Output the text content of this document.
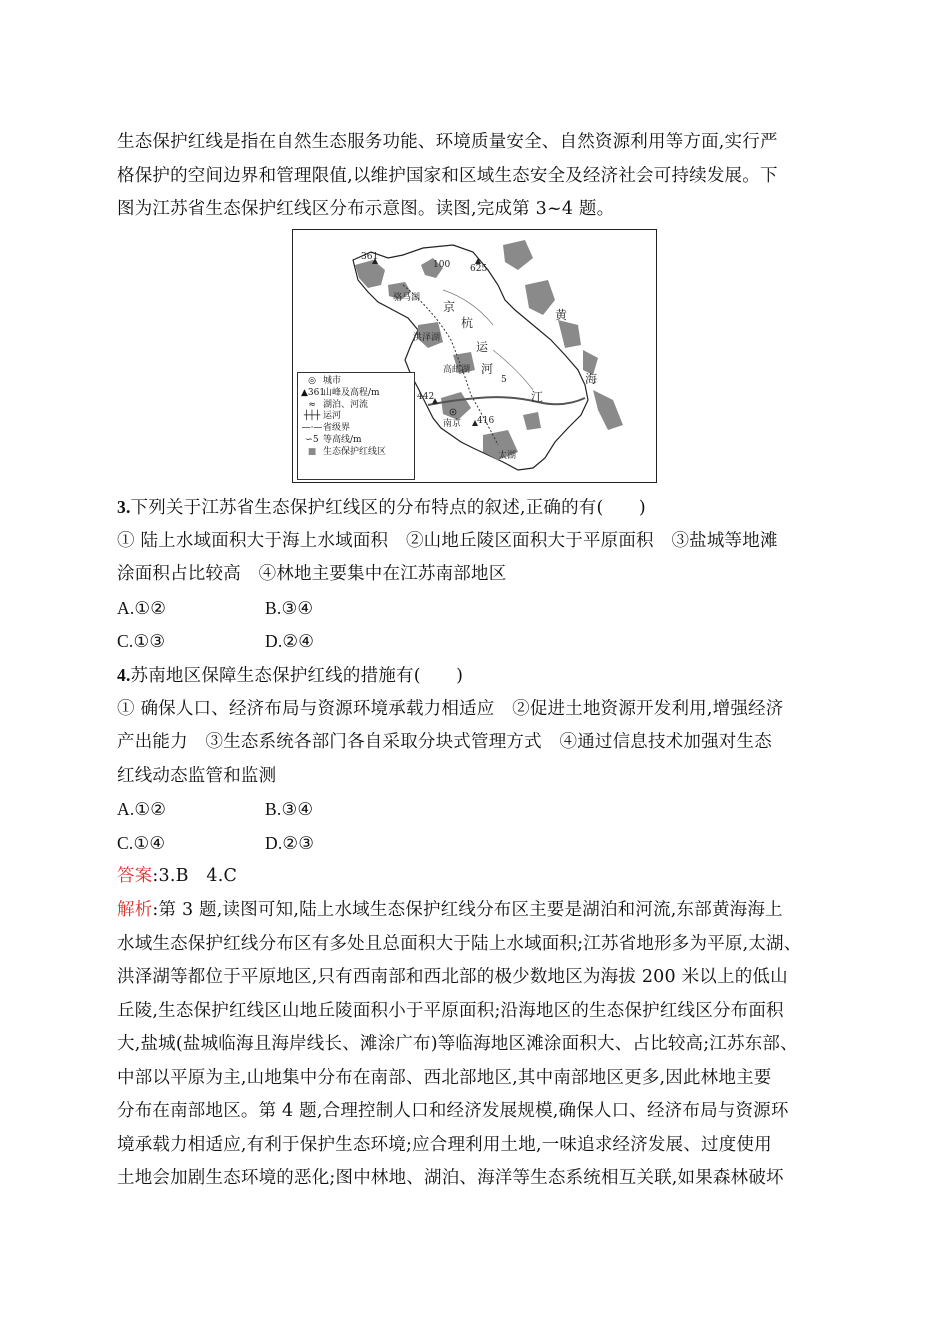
生态保护红线是指在自然生态服务功能、环境质量安全、自然资源利用等方面,实行严
格保护的空间边界和管理限值,以维护国家和区域生态安全及经济社会可持续发展。下
图为江苏省生态保护红线区分布示意图。读图,完成第 3~4 题。
361
625
442
416
100
5
骆马湖
洪泽湖
高邮湖
太湖
南京
京
杭
运
河
黄
海
江
◎ 城市
▲361
山峰及高程/m
≈ 湖泊、河流
┼┼┼ 运河
—·— 省级界
∽5 等高线/m
■ 生态保护红线区
3.下列关于江苏省生态保护红线区的分布特点的叙述,正确的有(　　)
① 陆上水域面积大于海上水域面积　②山地丘陵区面积大于平原面积　③盐城等地滩
涂面积占比较高　④林地主要集中在江苏南部地区
A.①②	B.③④
C.①③	D.②④
4.苏南地区保障生态保护红线的措施有(　　)
① 确保人口、经济布局与资源环境承载力相适应　②促进土地资源开发利用,增强经济
产出能力　③生态系统各部门各自采取分块式管理方式　④通过信息技术加强对生态
红线动态监管和监测
A.①②	B.③④
C.①④	D.②③
答案:3.B　4.C
解析:第 3 题,读图可知,陆上水域生态保护红线分布区主要是湖泊和河流,东部黄海海上
水域生态保护红线分布区有多处且总面积大于陆上水域面积;江苏省地形多为平原,太湖、
洪泽湖等都位于平原地区,只有西南部和西北部的极少数地区为海拔 200 米以上的低山
丘陵,生态保护红线区山地丘陵面积小于平原面积;沿海地区的生态保护红线区分布面积
大,盐城(盐城临海且海岸线长、滩涂广布)等临海地区滩涂面积大、占比较高;江苏东部、
中部以平原为主,山地集中分布在南部、西北部地区,其中南部地区更多,因此林地主要
分布在南部地区。第 4 题,合理控制人口和经济发展规模,确保人口、经济布局与资源环
境承载力相适应,有利于保护生态环境;应合理利用土地,一味追求经济发展、过度使用
土地会加剧生态环境的恶化;图中林地、湖泊、海洋等生态系统相互关联,如果森林破坏
